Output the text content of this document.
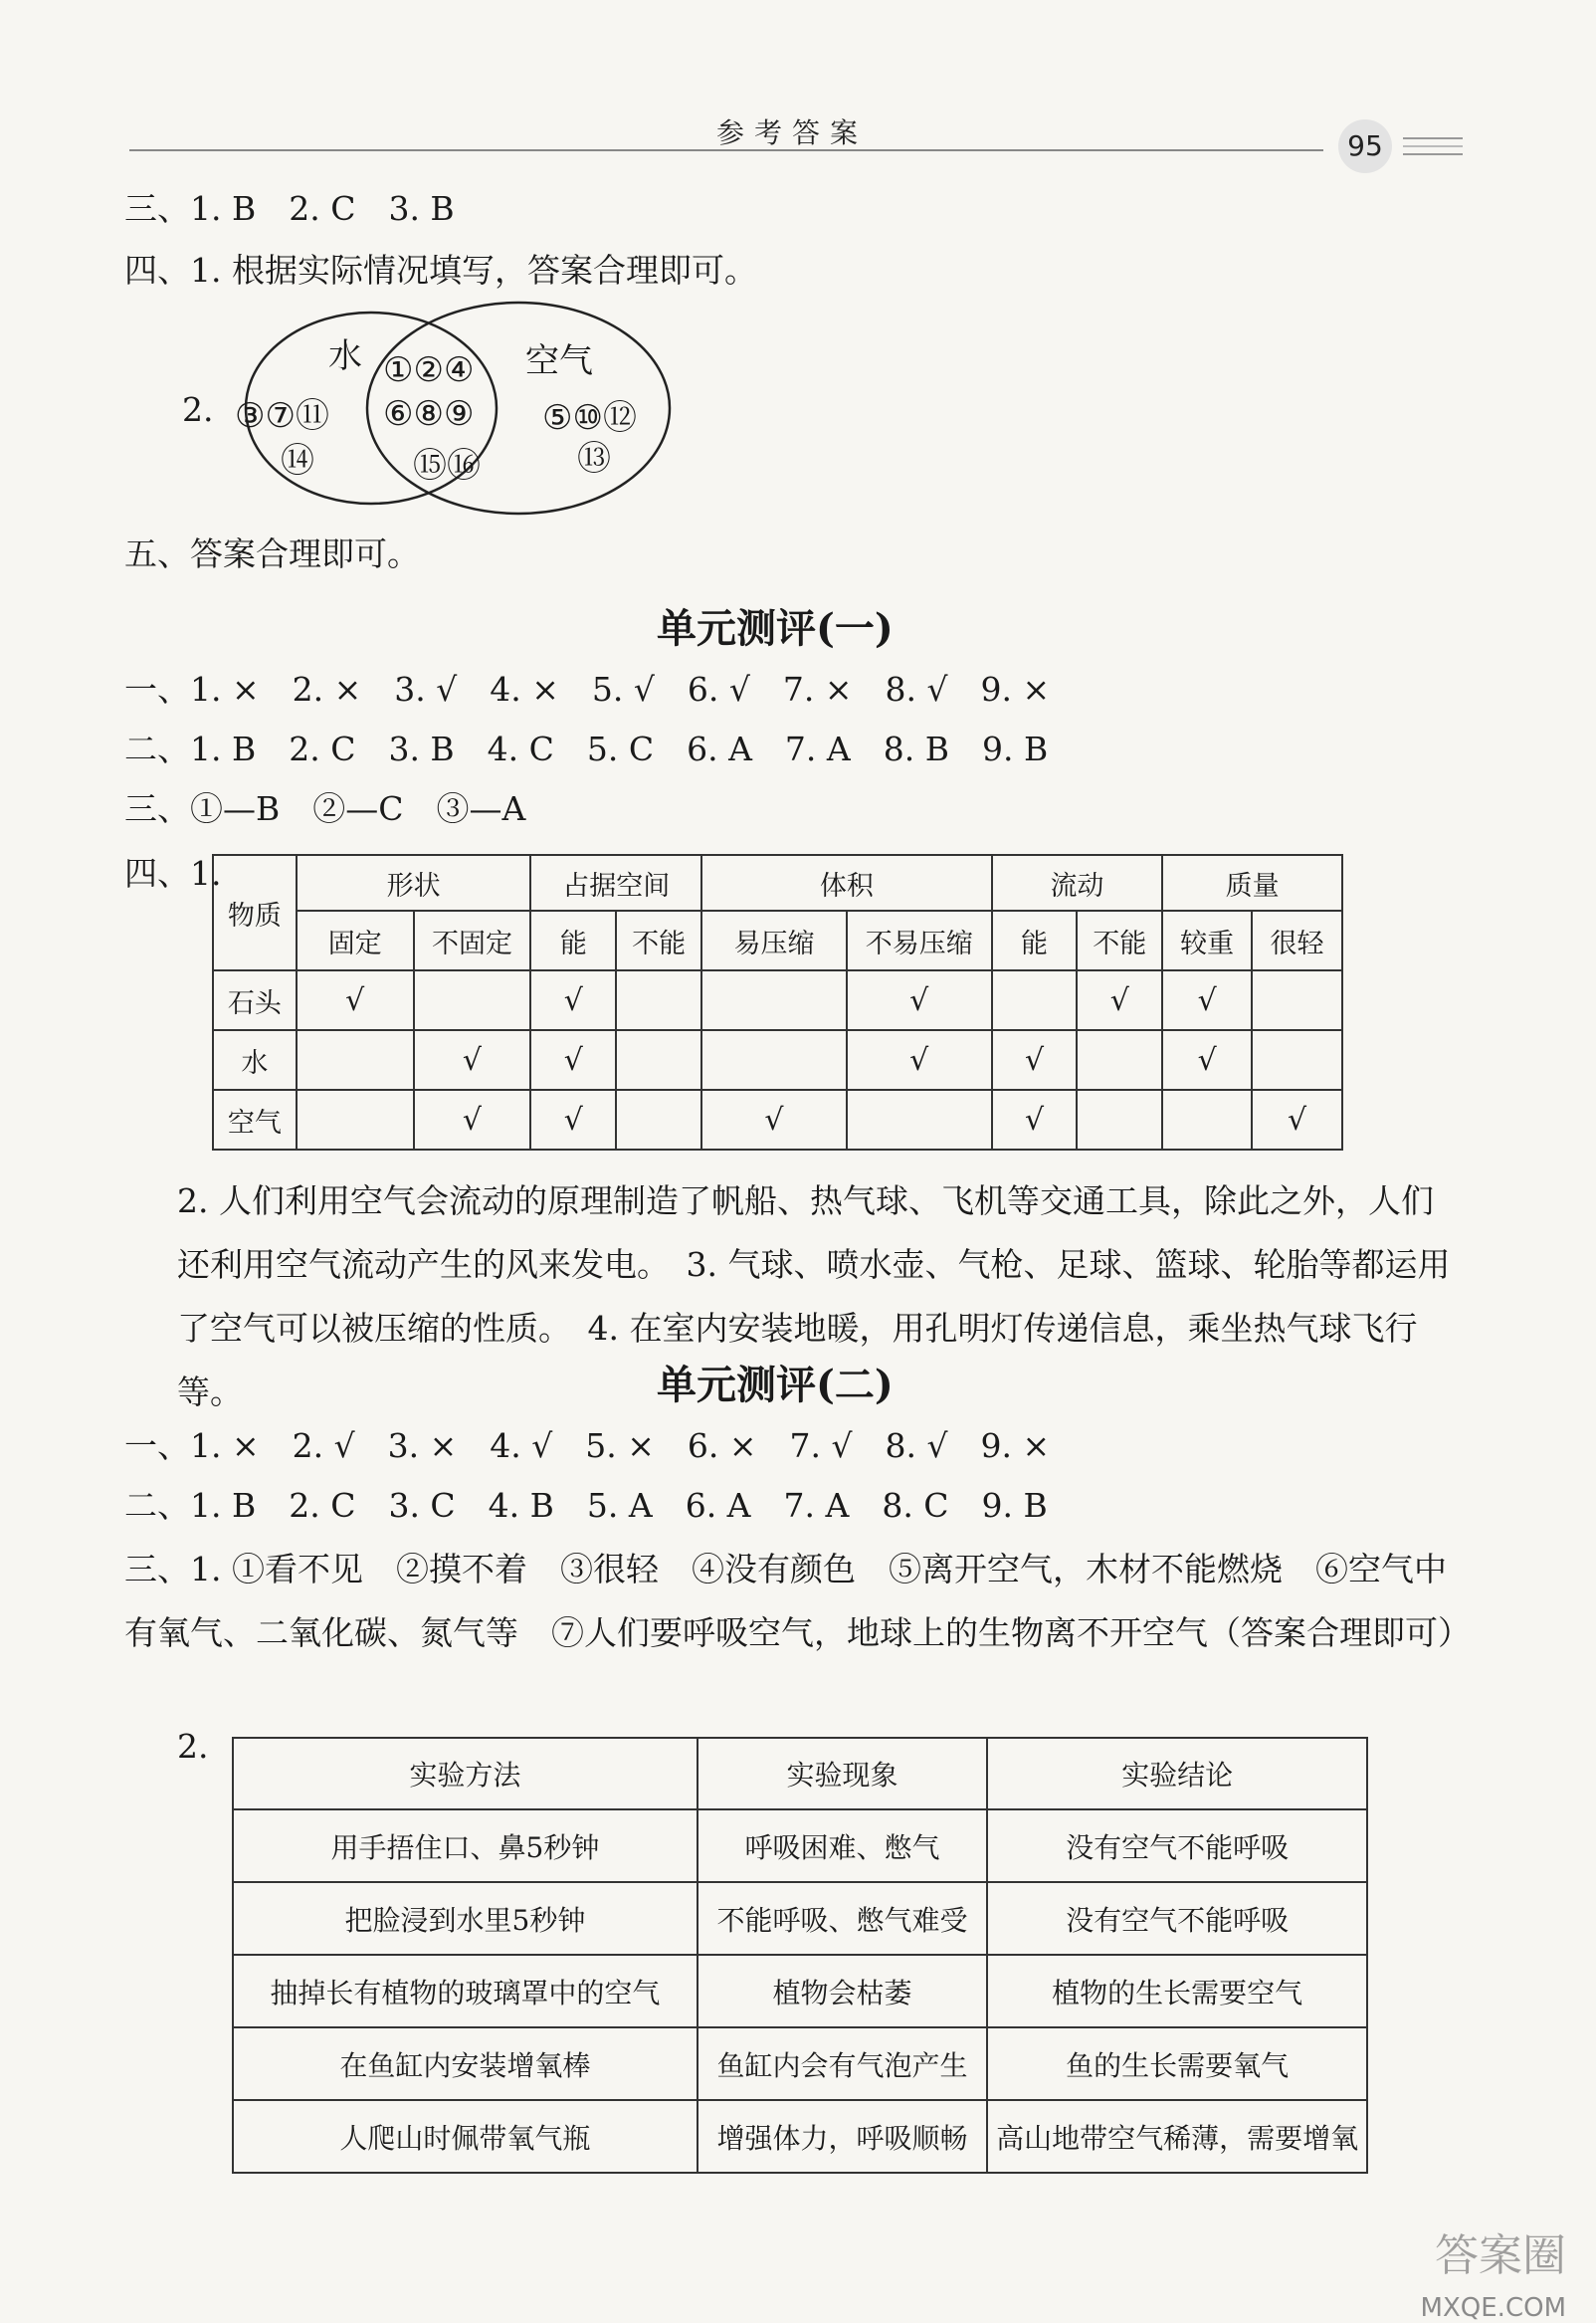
参考答案	95
三、1. B　2. C　3. B
四、1. 根据实际情况填写，答案合理即可。
2.
水	空气
③⑦⑪
⑭
①②④
⑥⑧⑨
⑮⑯
⑤⑩⑫
⑬
五、答案合理即可。
单元测评(一)
一、1. ×　2. ×　3. √　4. ×　5. √　6. √　7. ×　8. √　9. ×
二、1. B　2. C　3. B　4. C　5. C　6. A　7. A　8. B　9. B
三、①—B　②—C　③—A
四、1.
物质	形状		占据空间		体积		流动		质量	
	固定	不固定	能	不能	易压缩	不易压缩	能	不能	较重	很轻
石头	√		√			√		√	√	
水		√	√			√	√		√	
空气		√	√		√		√			√
2. 人们利用空气会流动的原理制造了帆船、热气球、飞机等交通工具，除此之外，人们还利用空气流动产生的风来发电。　3. 气球、喷水壶、气枪、足球、篮球、轮胎等都运用了空气可以被压缩的性质。　4. 在室内安装地暖，用孔明灯传递信息，乘坐热气球飞行等。	单元测评(二)
一、1. ×　2. √　3. ×　4. √　5. ×　6. ×　7. √　8. √　9. ×
二、1. B　2. C　3. C　4. B　5. A　6. A　7. A　8. C　9. B
三、1. ①看不见　②摸不着　③很轻　④没有颜色　⑤离开空气，木材不能燃烧　⑥空气中有氧气、二氧化碳、氮气等　⑦人们要呼吸空气，地球上的生物离不开空气（答案合理即可）
2.
实验方法	实验现象	实验结论
用手捂住口、鼻5秒钟	呼吸困难、憋气	没有空气不能呼吸
把脸浸到水里5秒钟	不能呼吸、憋气难受	没有空气不能呼吸
抽掉长有植物的玻璃罩中的空气	植物会枯萎	植物的生长需要空气
在鱼缸内安装增氧棒	鱼缸内会有气泡产生	鱼的生长需要氧气
人爬山时佩带氧气瓶	增强体力，呼吸顺畅	高山地带空气稀薄，需要增氧
答案圈
MXQE.COM
